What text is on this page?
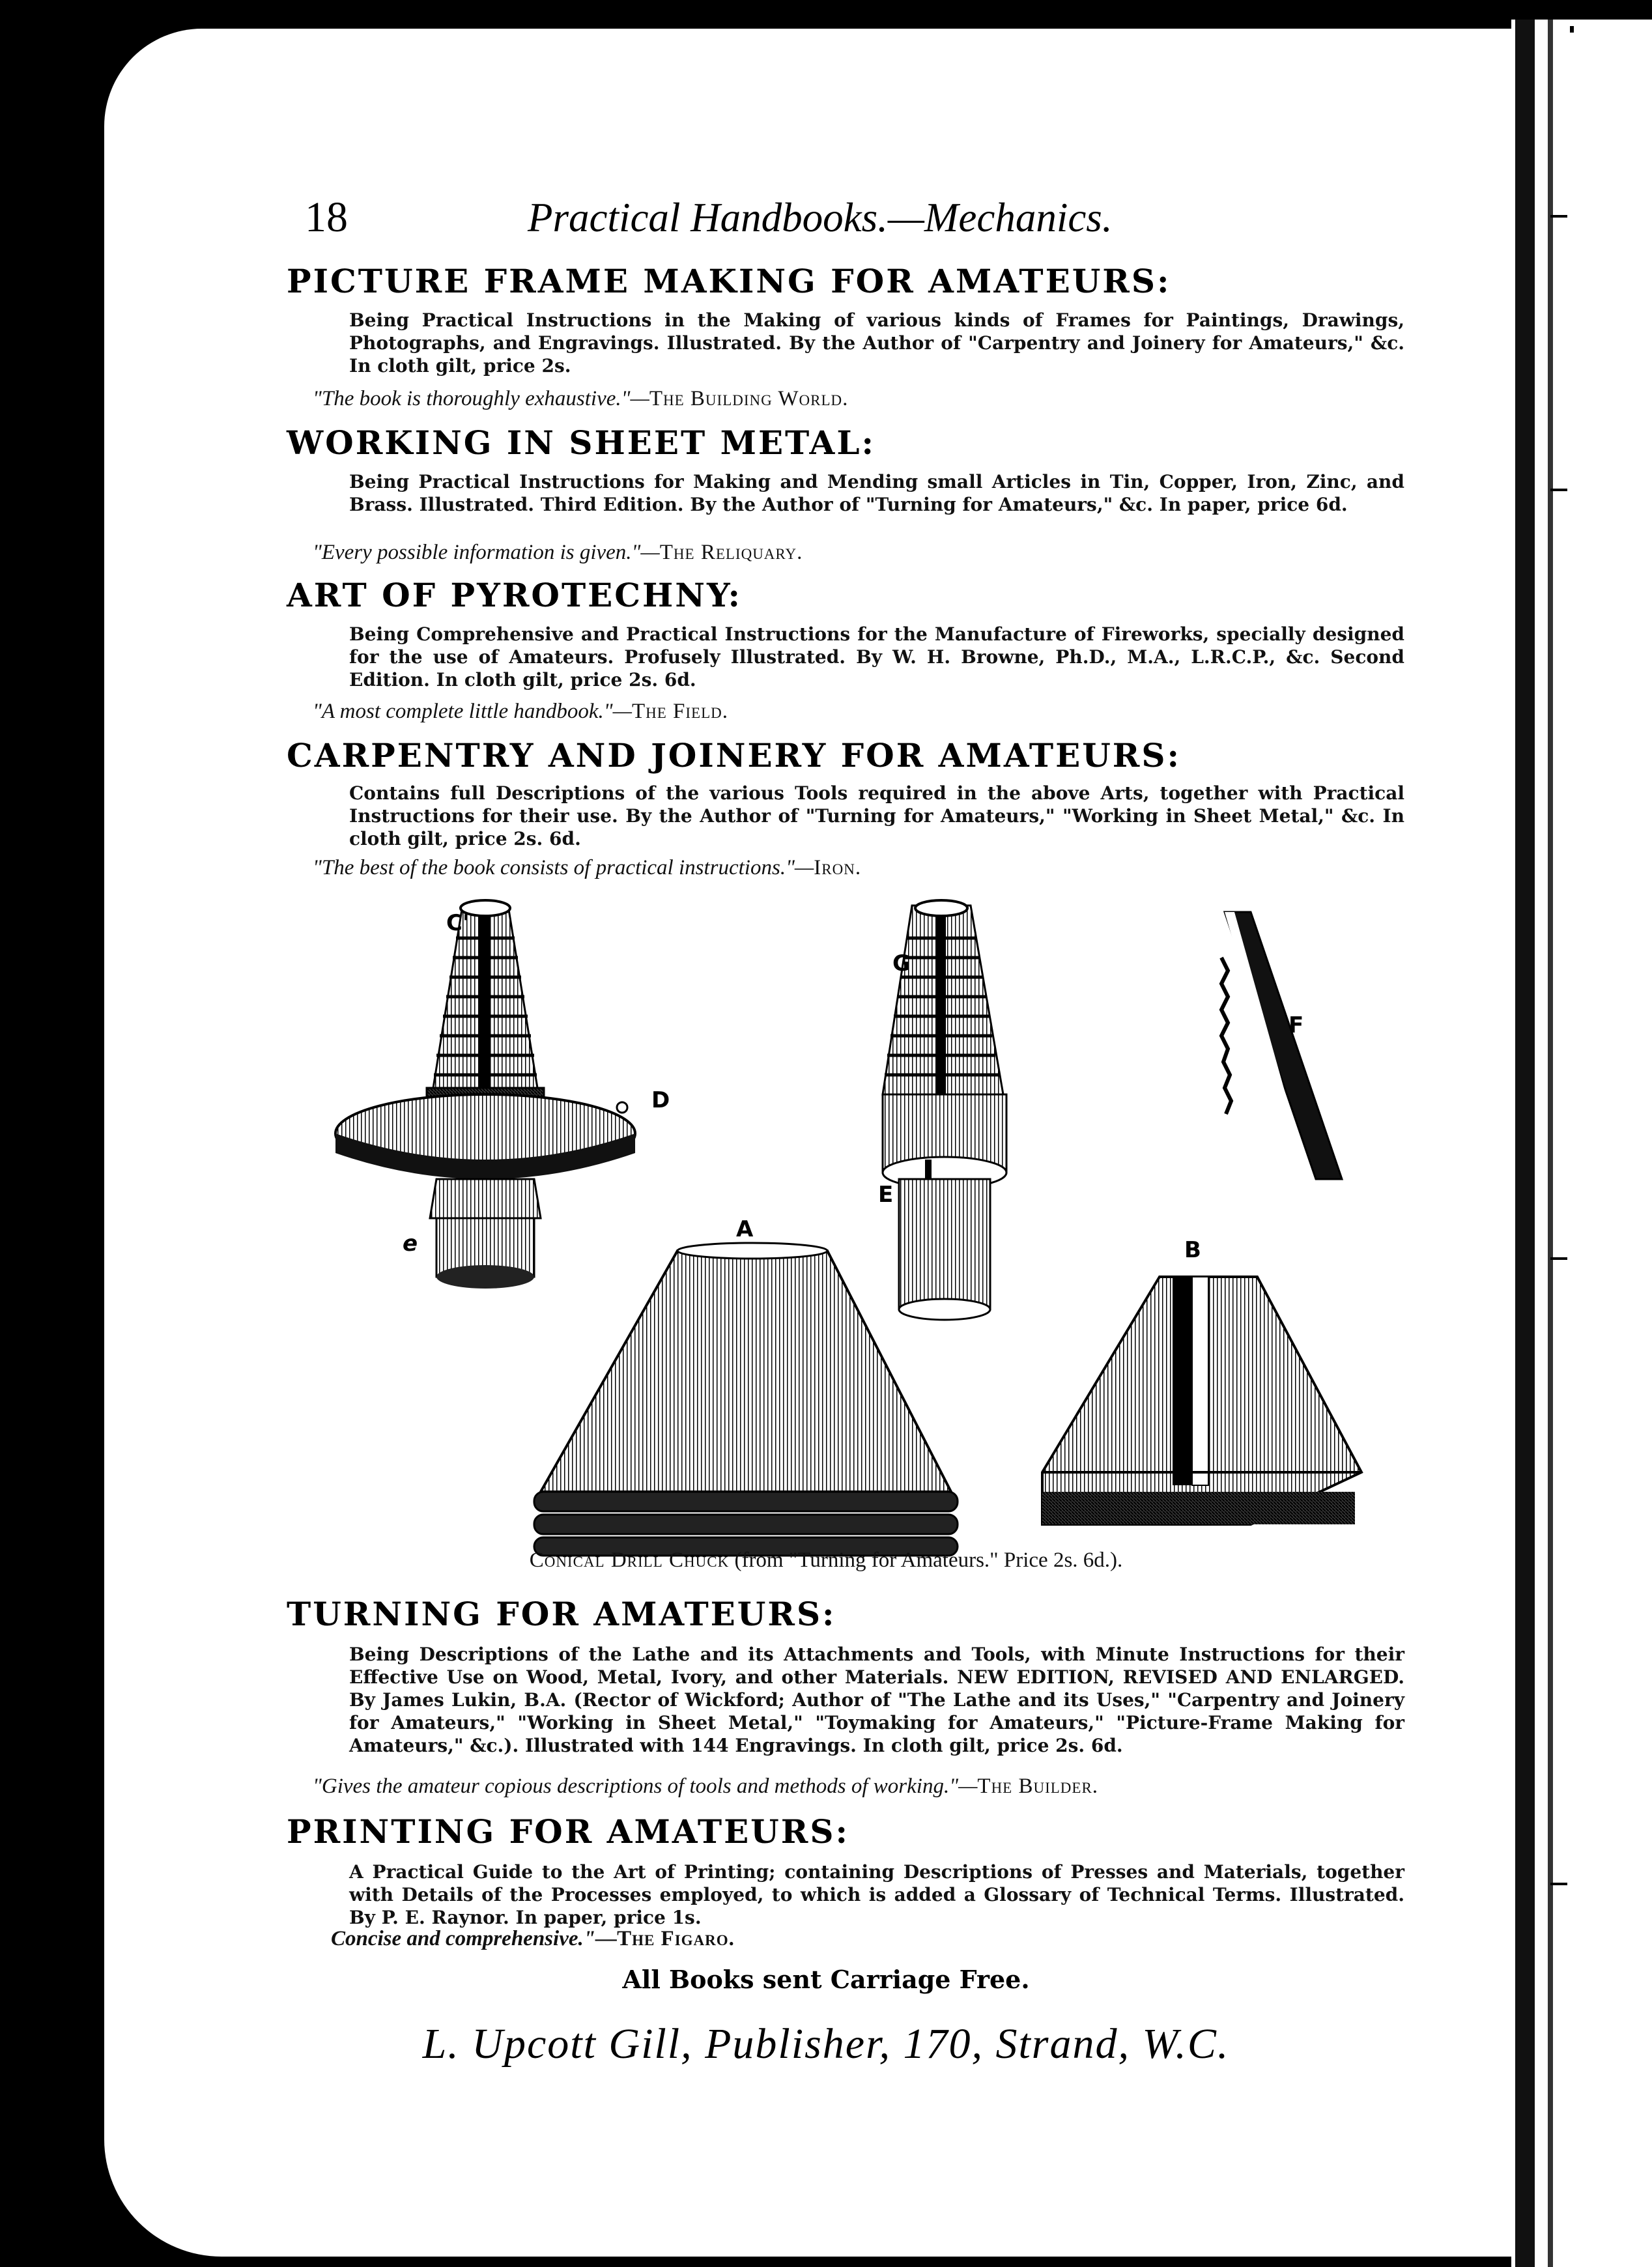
18	Practical Handbooks.—Mechanics.
PICTURE FRAME MAKING FOR AMATEURS:
Being Practical Instructions in the Making of various kinds of Frames for Paintings, Drawings, Photographs, and Engravings. Illustrated. By the Author of "Carpentry and Joinery for Amateurs," &c. In cloth gilt, price 2s.
"The book is thoroughly exhaustive."—The Building World.
WORKING IN SHEET METAL:
Being Practical Instructions for Making and Mending small Articles in Tin, Copper, Iron, Zinc, and Brass. Illustrated. Third Edition. By the Author of "Turning for Amateurs," &c. In paper, price 6d.
"Every possible information is given."—The Reliquary.
ART OF PYROTECHNY:
Being Comprehensive and Practical Instructions for the Manufacture of Fireworks, specially designed for the use of Amateurs. Profusely Illustrated. By W. H. Browne, Ph.D., M.A., L.R.C.P., &c. Second Edition. In cloth gilt, price 2s. 6d.
"A most complete little handbook."—The Field.
CARPENTRY AND JOINERY FOR AMATEURS:
Contains full Descriptions of the various Tools required in the above Arts, together with Practical Instructions for their use. By the Author of "Turning for Amateurs," "Working in Sheet Metal," &c. In cloth gilt, price 2s. 6d.
"The best of the book consists of practical instructions."—Iron.
C'
D
e
A
G
E
F
B
Conical Drill Chuck (from "Turning for Amateurs." Price 2s. 6d.).
TURNING FOR AMATEURS:
Being Descriptions of the Lathe and its Attachments and Tools, with Minute Instructions for their Effective Use on Wood, Metal, Ivory, and other Materials. NEW EDITION, REVISED AND ENLARGED. By James Lukin, B.A. (Rector of Wickford; Author of "The Lathe and its Uses," "Carpentry and Joinery for Amateurs," "Working in Sheet Metal," "Toymaking for Amateurs," "Picture-Frame Making for Amateurs," &c.). Illustrated with 144 Engravings. In cloth gilt, price 2s. 6d.
"Gives the amateur copious descriptions of tools and methods of working."—The Builder.
PRINTING FOR AMATEURS:
A Practical Guide to the Art of Printing; containing Descriptions of Presses and Materials, together with Details of the Processes employed, to which is added a Glossary of Technical Terms. Illustrated. By P. E. Raynor. In paper, price 1s.
Concise and comprehensive."—The Figaro.
All Books sent Carriage Free.
L. Upcott Gill, Publisher, 170, Strand, W.C.
